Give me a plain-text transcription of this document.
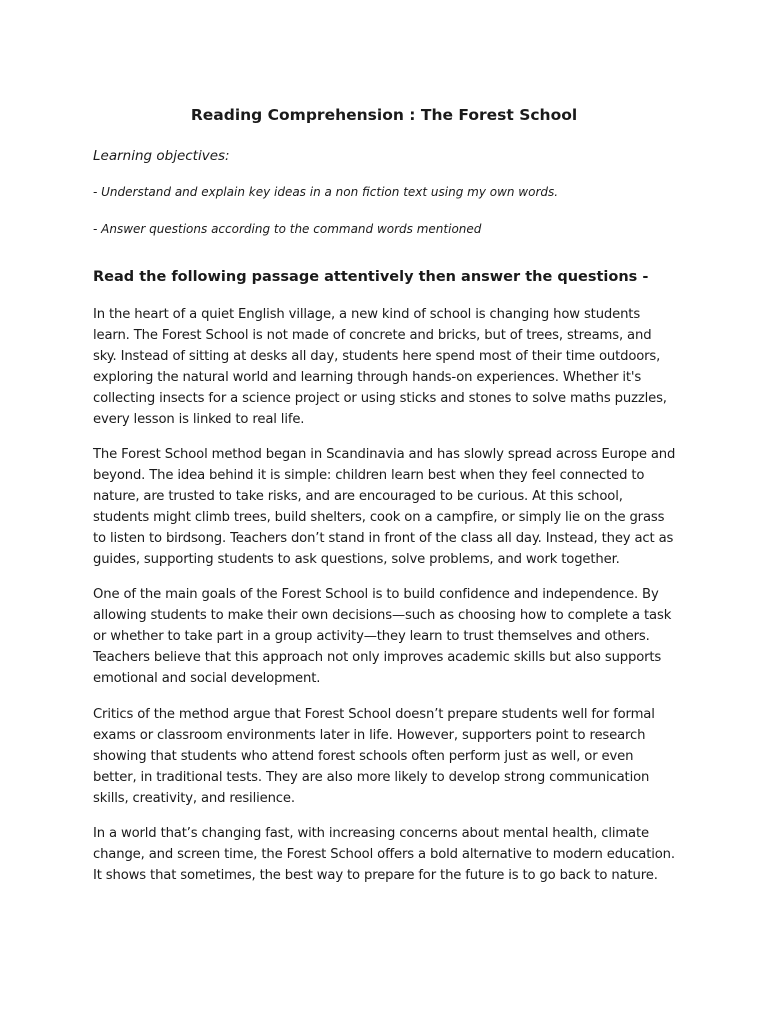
Reading Comprehension : The Forest School

Learning objectives:

- Understand and explain key ideas in a non fiction text using my own words.

- Answer questions according to the command words mentioned

Read the following passage attentively then answer the questions -

In the heart of a quiet English village, a new kind of school is changing how students learn. The Forest School is not made of concrete and bricks, but of trees, streams, and sky. Instead of sitting at desks all day, students here spend most of their time outdoors, exploring the natural world and learning through hands-on experiences. Whether it's collecting insects for a science project or using sticks and stones to solve maths puzzles, every lesson is linked to real life.

The Forest School method began in Scandinavia and has slowly spread across Europe and beyond. The idea behind it is simple: children learn best when they feel connected to nature, are trusted to take risks, and are encouraged to be curious. At this school, students might climb trees, build shelters, cook on a campfire, or simply lie on the grass to listen to birdsong. Teachers don’t stand in front of the class all day. Instead, they act as guides, supporting students to ask questions, solve problems, and work together.

One of the main goals of the Forest School is to build confidence and independence. By allowing students to make their own decisions—such as choosing how to complete a task or whether to take part in a group activity—they learn to trust themselves and others. Teachers believe that this approach not only improves academic skills but also supports emotional and social development.

Critics of the method argue that Forest School doesn’t prepare students well for formal exams or classroom environments later in life. However, supporters point to research showing that students who attend forest schools often perform just as well, or even better, in traditional tests. They are also more likely to develop strong communication skills, creativity, and resilience.

In a world that’s changing fast, with increasing concerns about mental health, climate change, and screen time, the Forest School offers a bold alternative to modern education. It shows that sometimes, the best way to prepare for the future is to go back to nature.
